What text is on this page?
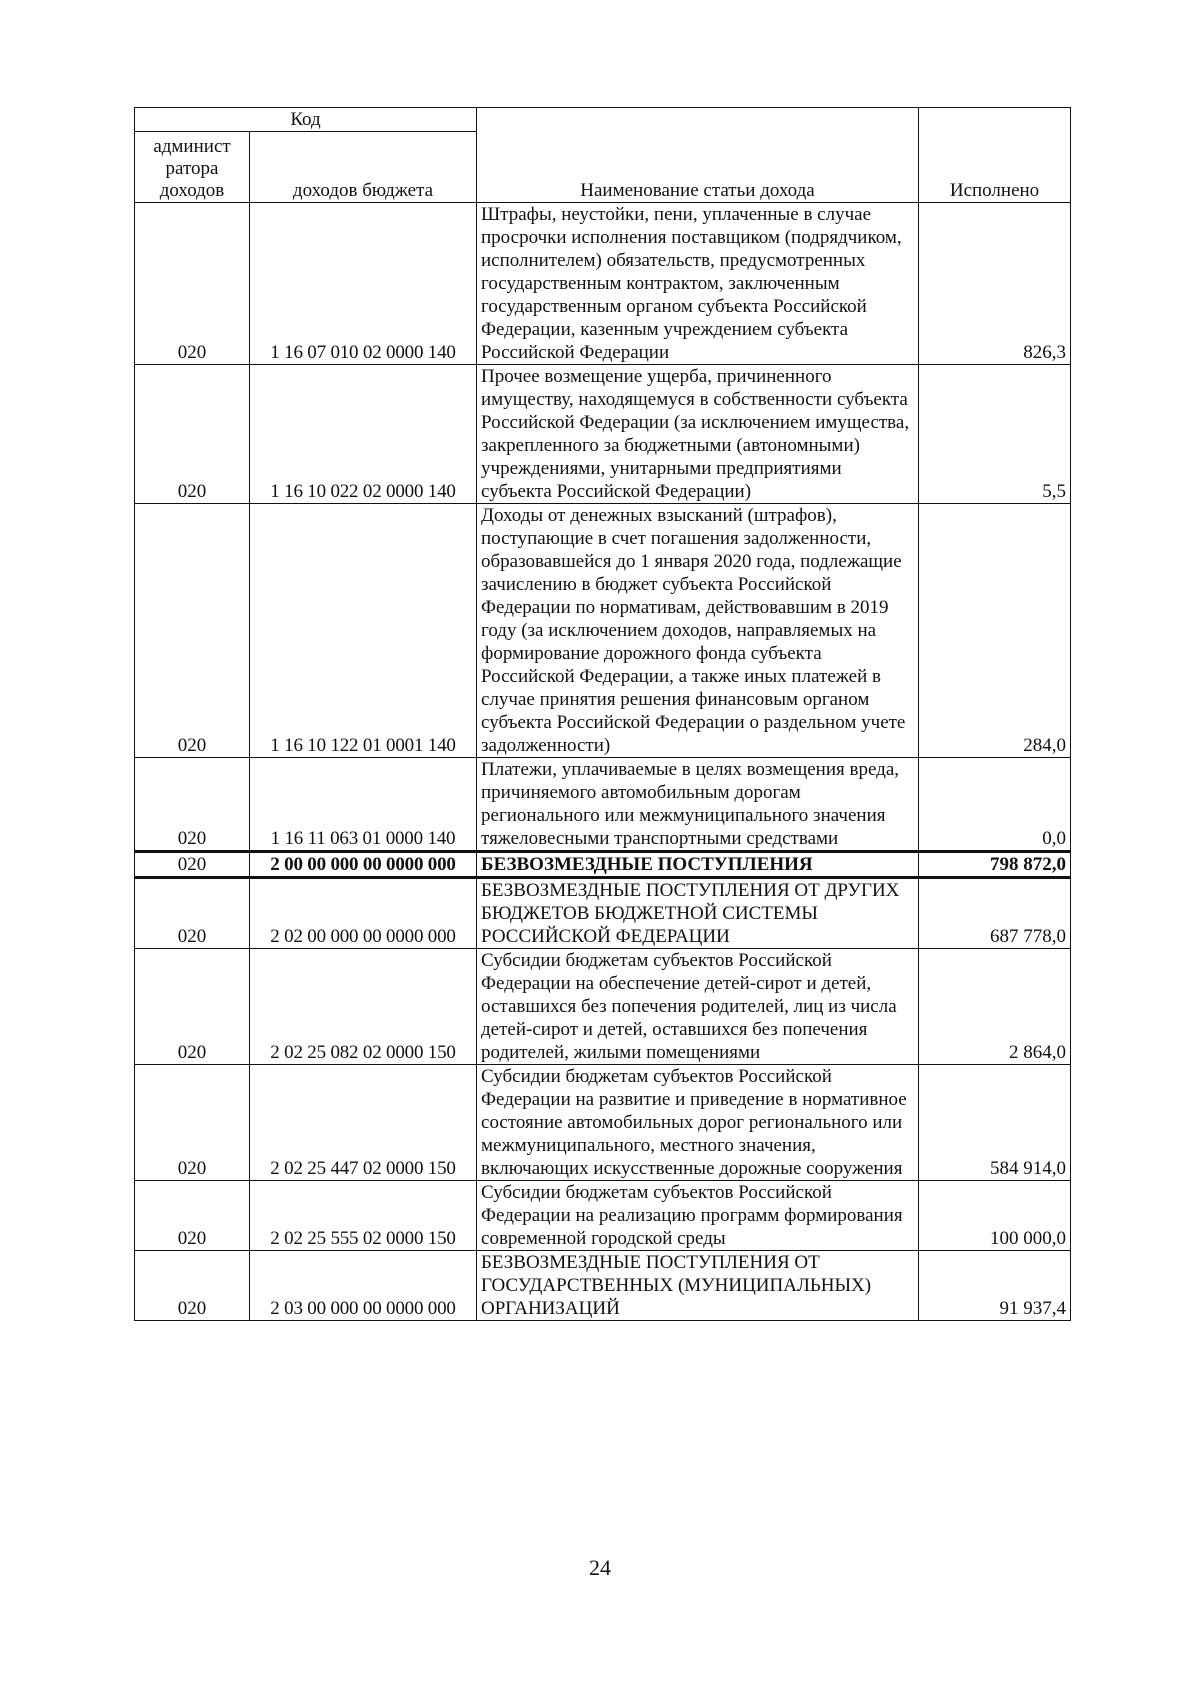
Код		Наименование статьи дохода	Исполнено

админист
ратора
доходов	доходов бюджета		
020	1 16 07 010 02 0000 140	Штрафы, неустойки, пени, уплаченные в случае просрочки исполнения поставщиком (подрядчиком, исполнителем) обязательств, предусмотренных государственным контрактом, заключенным государственным органом субъекта Российской Федерации, казенным учреждением субъекта Российской Федерации	826,3
020	1 16 10 022 02 0000 140	Прочее возмещение ущерба, причиненного имуществу, находящемуся в собственности субъекта Российской Федерации (за исключением имущества, закрепленного за бюджетными (автономными) учреждениями, унитарными предприятиями субъекта Российской Федерации)	5,5
020	1 16 10 122 01 0001 140	Доходы от денежных взысканий (штрафов), поступающие в счет погашения задолженности, образовавшейся до 1 января 2020 года, подлежащие зачислению в бюджет субъекта Российской Федерации по нормативам, действовавшим в 2019 году (за исключением доходов, направляемых на формирование дорожного фонда субъекта Российской Федерации, а также иных платежей в случае принятия решения финансовым органом субъекта Российской Федерации о раздельном учете задолженности)	284,0
020	1 16 11 063 01 0000 140	Платежи, уплачиваемые в целях возмещения вреда, причиняемого автомобильным дорогам регионального или межмуниципального значения тяжеловесными транспортными средствами	0,0
020	2 00 00 000 00 0000 000	БЕЗВОЗМЕЗДНЫЕ ПОСТУПЛЕНИЯ	798 872,0
020	2 02 00 000 00 0000 000	БЕЗВОЗМЕЗДНЫЕ ПОСТУПЛЕНИЯ ОТ ДРУГИХ БЮДЖЕТОВ БЮДЖЕТНОЙ СИСТЕМЫ РОССИЙСКОЙ ФЕДЕРАЦИИ	687 778,0
020	2 02 25 082 02 0000 150	Субсидии бюджетам субъектов Российской Федерации на обеспечение детей-сирот и детей, оставшихся без попечения родителей, лиц из числа детей-сирот и детей, оставшихся без попечения родителей, жилыми помещениями	2 864,0
020	2 02 25 447 02 0000 150	Субсидии бюджетам субъектов Российской Федерации на развитие и приведение в нормативное состояние автомобильных дорог регионального или межмуниципального, местного значения, включающих искусственные дорожные сооружения	584 914,0
020	2 02 25 555 02 0000 150	Субсидии бюджетам субъектов Российской Федерации на реализацию программ формирования современной городской среды	100 000,0
020	2 03 00 000 00 0000 000	БЕЗВОЗМЕЗДНЫЕ ПОСТУПЛЕНИЯ ОТ ГОСУДАРСТВЕННЫХ (МУНИЦИПАЛЬНЫХ) ОРГАНИЗАЦИЙ	91 937,4
24
